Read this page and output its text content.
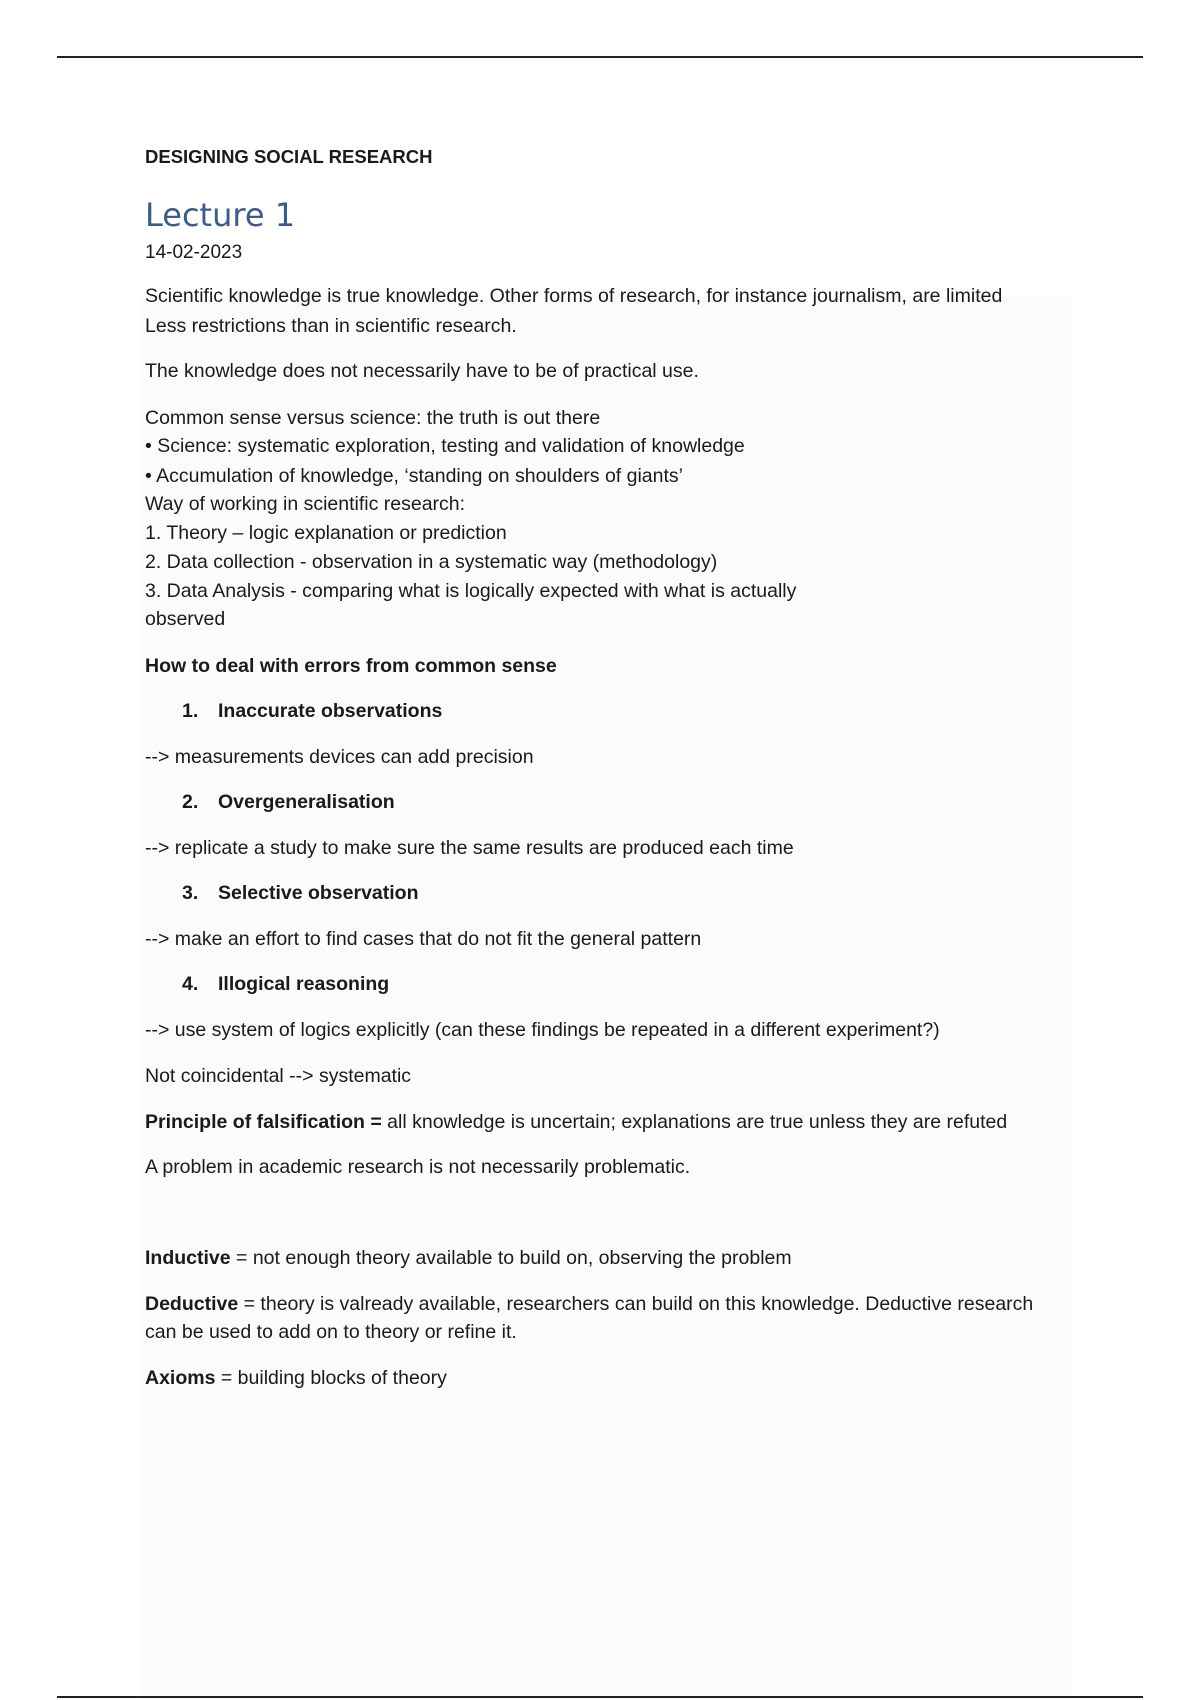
DESIGNING SOCIAL RESEARCH

Lecture 1

14-02-2023

Scientific knowledge is true knowledge. Other forms of research, for instance journalism, are limited

Less restrictions than in scientific research.

The knowledge does not necessarily have to be of practical use.

Common sense versus science: the truth is out there

• Science: systematic exploration, testing and validation of knowledge

• Accumulation of knowledge, ‘standing on shoulders of giants’

Way of working in scientific research:

1. Theory – logic explanation or prediction

2. Data collection - observation in a systematic way (methodology)

3. Data Analysis - comparing what is logically expected with what is actually

observed

How to deal with errors from common sense

1. Inaccurate observations

--> measurements devices can add precision

2. Overgeneralisation

--> replicate a study to make sure the same results are produced each time

3. Selective observation

--> make an effort to find cases that do not fit the general pattern

4. Illogical reasoning

--> use system of logics explicitly (can these findings be repeated in a different experiment?)

Not coincidental --> systematic

Principle of falsification = all knowledge is uncertain; explanations are true unless they are refuted

A problem in academic research is not necessarily problematic.

Inductive = not enough theory available to build on, observing the problem

Deductive = theory is valready available, researchers can build on this knowledge. Deductive research

can be used to add on to theory or refine it.

Axioms = building blocks of theory
